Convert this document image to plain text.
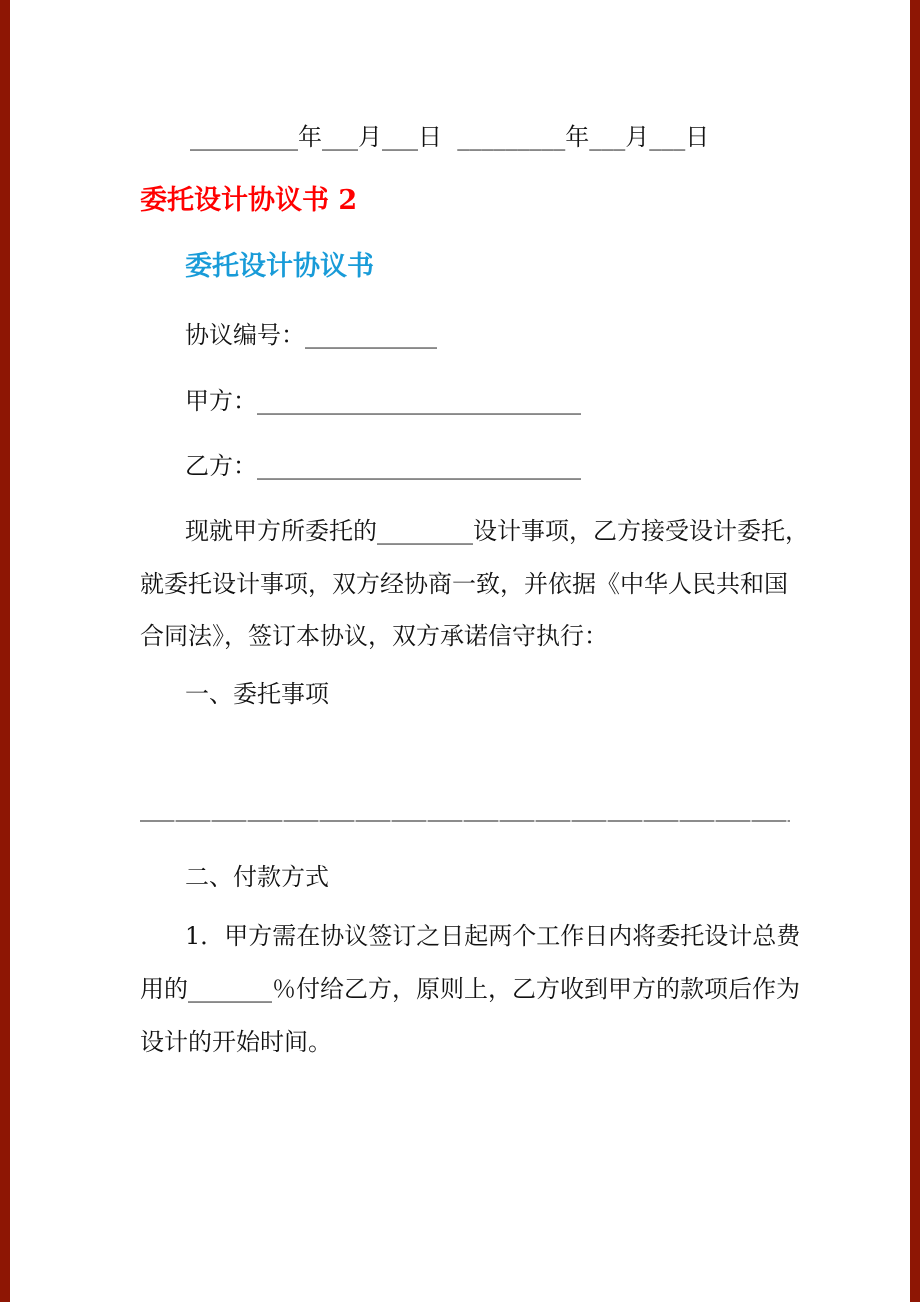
_________年___月___日  _________年___月___日
委托设计协议书 2
委托设计协议书
协议编号：___________
甲方：___________________________
乙方：___________________________
现就甲方所委托的________设计事项，乙方接受设计委托，
就委托设计事项，双方经协商一致，并依据《中华人民共和国
合同法》，签订本协议，双方承诺信守执行：
一、委托事项
二、付款方式
1．甲方需在协议签订之日起两个工作日内将委托设计总费
用的_______％付给乙方，原则上，乙方收到甲方的款项后作为
设计的开始时间。
